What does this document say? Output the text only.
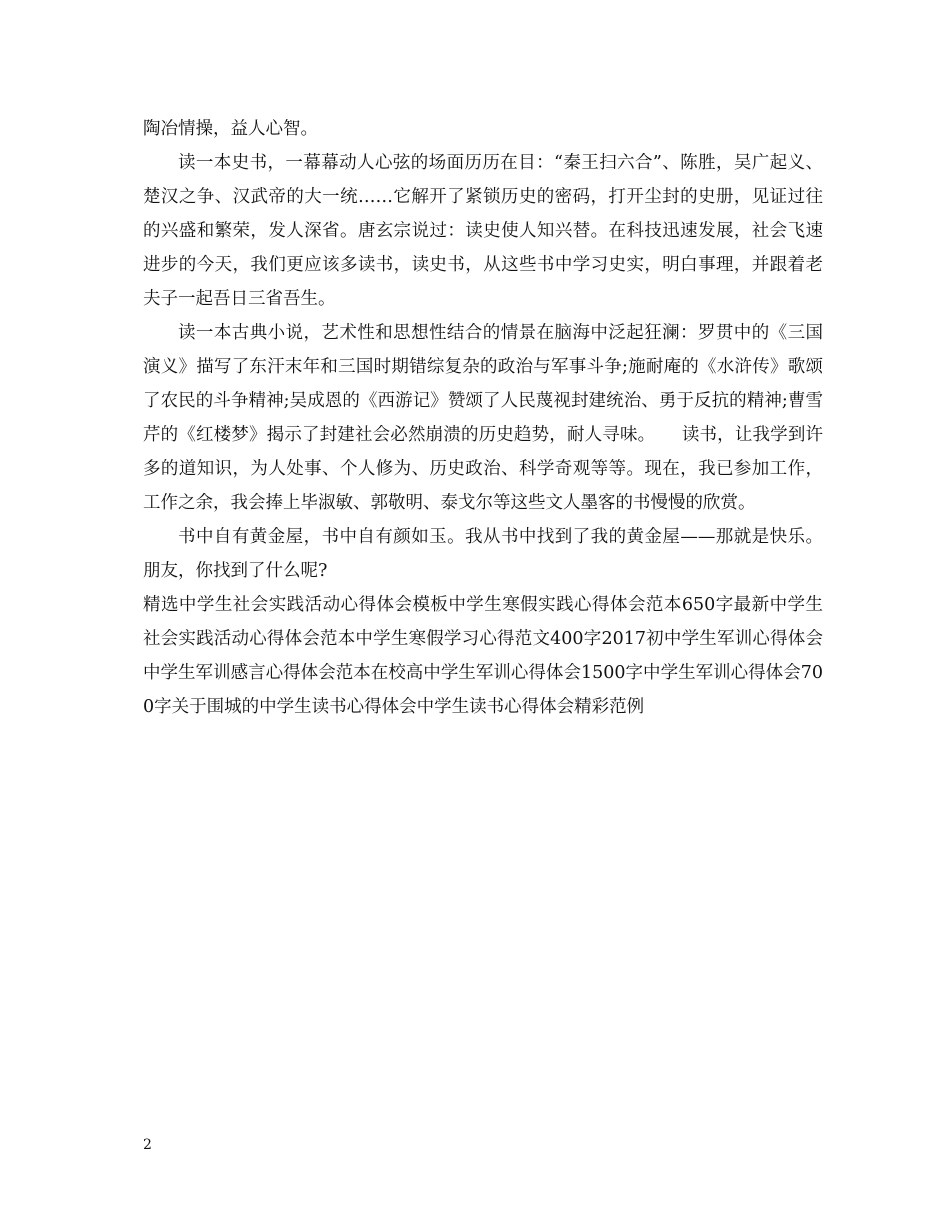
陶冶情操，益人心智。

读一本史书，一幕幕动人心弦的场面历历在目：“秦王扫六合”、陈胜，吴广起义、楚汉之争、汉武帝的大一统……它解开了紧锁历史的密码，打开尘封的史册，见证过往的兴盛和繁荣，发人深省。唐玄宗说过：读史使人知兴替。在科技迅速发展，社会飞速进步的今天，我们更应该多读书，读史书，从这些书中学习史实，明白事理，并跟着老夫子一起吾日三省吾生。

读一本古典小说，艺术性和思想性结合的情景在脑海中泛起狂澜：罗贯中的《三国演义》描写了东汗末年和三国时期错综复杂的政治与军事斗争;施耐庵的《水浒传》歌颂了农民的斗争精神;吴成恩的《西游记》赞颂了人民蔑视封建统治、勇于反抗的精神;曹雪芹的《红楼梦》揭示了封建社会必然崩溃的历史趋势，耐人寻味。　　读书，让我学到许多的道知识，为人处事、个人修为、历史政治、科学奇观等等。现在，我已参加工作，工作之余，我会捧上毕淑敏、郭敬明、泰戈尔等这些文人墨客的书慢慢的欣赏。

书中自有黄金屋，书中自有颜如玉。我从书中找到了我的黄金屋——那就是快乐。朋友，你找到了什么呢?

精选中学生社会实践活动心得体会模板中学生寒假实践心得体会范本650字最新中学生社会实践活动心得体会范本中学生寒假学习心得范文400字2017初中学生军训心得体会中学生军训感言心得体会范本在校高中学生军训心得体会1500字中学生军训心得体会700字关于围城的中学生读书心得体会中学生读书心得体会精彩范例

2
